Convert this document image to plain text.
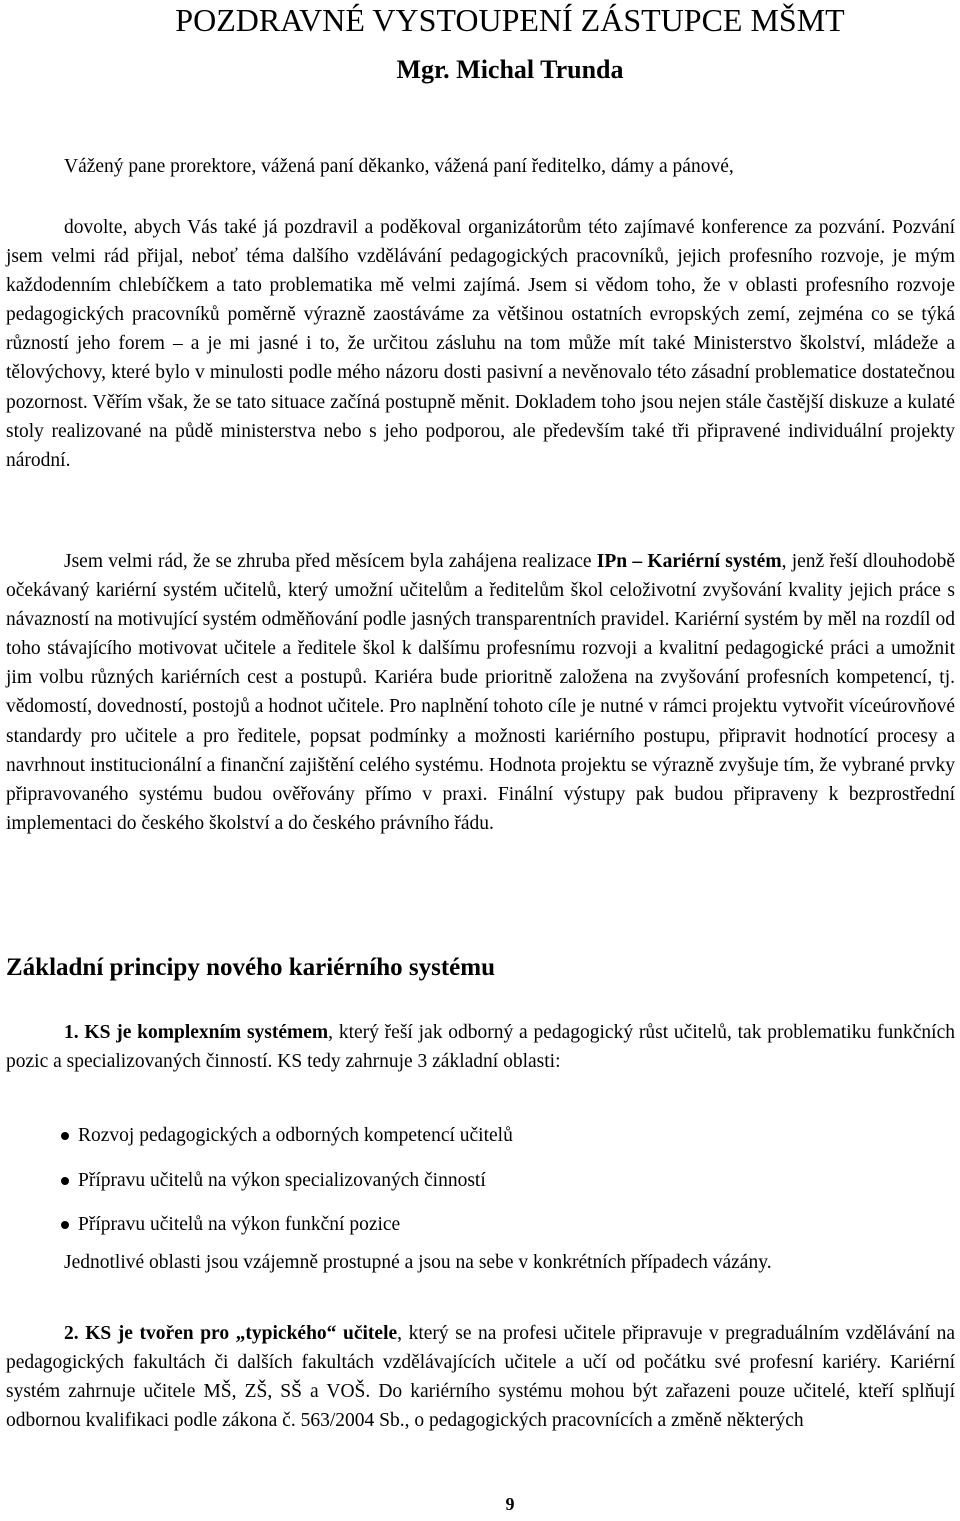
POZDRAVNÉ VYSTOUPENÍ ZÁSTUPCE MŠMT
Mgr. Michal Trunda

Vážený pane prorektore, vážená paní děkanko, vážená paní ředitelko, dámy a pánové,

dovolte, abych Vás také já pozdravil a poděkoval organizátorům této zajímavé konference za pozvání. Pozvání jsem velmi rád přijal, neboť téma dalšího vzdělávání pedagogických pracovníků, jejich profesního rozvoje, je mým každodenním chlebíčkem a tato problematika mě velmi zajímá. Jsem si vědom toho, že v oblasti profesního rozvoje pedagogických pracovníků poměrně výrazně zaostáváme za většinou ostatních evropských zemí, zejména co se týká růzností jeho forem – a je mi jasné i to, že určitou zásluhu na tom může mít také Ministerstvo školství, mládeže a tělovýchovy, které bylo v minulosti podle mého názoru dosti pasivní a nevěnovalo této zásadní problematice dostatečnou pozornost. Věřím však, že se tato situace začíná postupně měnit. Dokladem toho jsou nejen stále častější diskuze a kulaté stoly realizované na půdě ministerstva nebo s jeho podporou, ale především také tři připravené individuální projekty národní.

Jsem velmi rád, že se zhruba před měsícem byla zahájena realizace IPn – Kariérní systém, jenž řeší dlouhodobě očekávaný kariérní systém učitelů, který umožní učitelům a ředitelům škol celoživotní zvyšování kvality jejich práce s návazností na motivující systém odměňování podle jasných transparentních pravidel. Kariérní systém by měl na rozdíl od toho stávajícího motivovat učitele a ředitele škol k dalšímu profesnímu rozvoji a kvalitní pedagogické práci a umožnit jim volbu různých kariérních cest a postupů. Kariéra bude prioritně založena na zvyšování profesních kompetencí, tj. vědomostí, dovedností, postojů a hodnot učitele. Pro naplnění tohoto cíle je nutné v rámci projektu vytvořit víceúrovňové standardy pro učitele a pro ředitele, popsat podmínky a možnosti kariérního postupu, připravit hodnotící procesy a navrhnout institucionální a finanční zajištění celého systému. Hodnota projektu se výrazně zvyšuje tím, že vybrané prvky připravovaného systému budou ověřovány přímo v praxi. Finální výstupy pak budou připraveny k bezprostřední implementaci do českého školství a do českého právního řádu.

Základní principy nového kariérního systému

1. KS je komplexním systémem, který řeší jak odborný a pedagogický růst učitelů, tak problematiku funkčních pozic a specializovaných činností. KS tedy zahrnuje 3 základní oblasti:

Rozvoj pedagogických a odborných kompetencí učitelů
Přípravu učitelů na výkon specializovaných činností
Přípravu učitelů na výkon funkční pozice

Jednotlivé oblasti jsou vzájemně prostupné a jsou na sebe v konkrétních případech vázány.

2. KS je tvořen pro „typického“ učitele, který se na profesi učitele připravuje v pregraduálním vzdělávání na pedagogických fakultách či dalších fakultách vzdělávajících učitele a učí od počátku své profesní kariéry. Kariérní systém zahrnuje učitele MŠ, ZŠ, SŠ a VOŠ. Do kariérního systému mohou být zařazeni pouze učitelé, kteří splňují odbornou kvalifikaci podle zákona č. 563/2004 Sb., o pedagogických pracovnících a změně některých

9
